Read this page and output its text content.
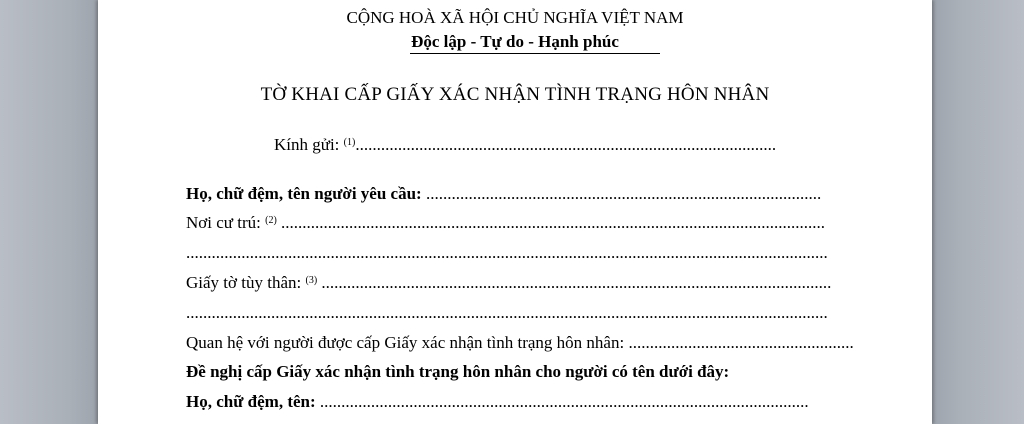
CỘNG HOÀ XÃ HỘI CHỦ NGHĨA VIỆT NAM
Độc lập - Tự do - Hạnh phúc
TỜ KHAI CẤP GIẤY XÁC NHẬN TÌNH TRẠNG HÔN NHÂN
Kính gửi: $^{(1)}$...................................................................................................
Họ, chữ đệm, tên người yêu cầu: .............................................................................................
Nơi cư trú: $^{(2)}$ ................................................................................................................................
.......................................................................................................................................................
Giấy tờ tùy thân: $^{(3)}$ ........................................................................................................................
.......................................................................................................................................................
Quan hệ với người được cấp Giấy xác nhận tình trạng hôn nhân: .....................................................
Đề nghị cấp Giấy xác nhận tình trạng hôn nhân cho người có tên dưới đây:
Họ, chữ đệm, tên: ...................................................................................................................
